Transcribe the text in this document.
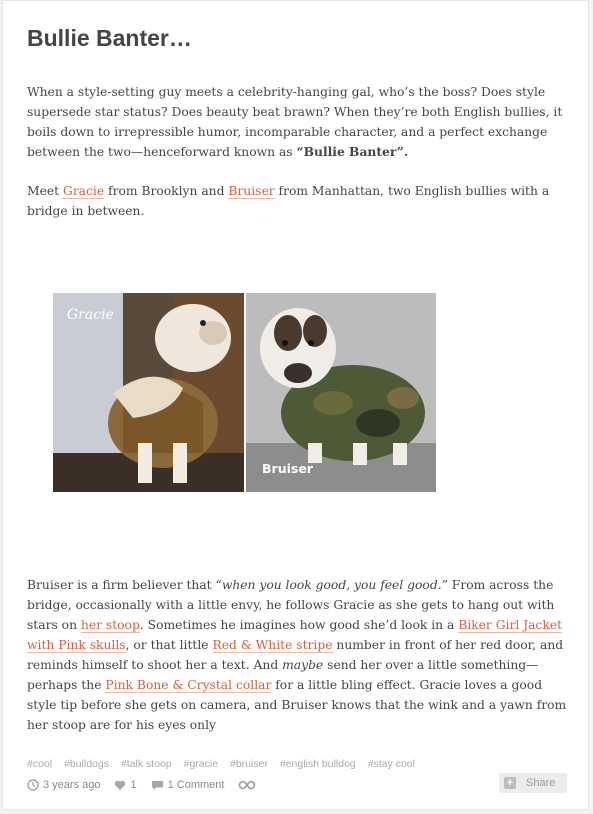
Bullie Banter…

When a style-setting guy meets a celebrity-hanging gal, who’s the boss? Does style supersede star status? Does beauty beat brawn? When they’re both English bullies, it boils down to irrepressible humor, incomparable character, and a perfect exchange between the two—henceforward known as “Bullie Banter”.

Meet Gracie from Brooklyn and Bruiser from Manhattan, two English bullies with a bridge in between.

Gracie
Bruiser

Bruiser is a firm believer that “when you look good, you feel good.” From across the bridge, occasionally with a little envy, he follows Gracie as she gets to hang out with stars on her stoop. Sometimes he imagines how good she’d look in a Biker Girl Jacket with Pink skulls, or that little Red & White stripe number in front of her red door, and reminds himself to shoot her a text. And maybe send her over a little something—perhaps the Pink Bone & Crystal collar for a little bling effect. Gracie loves a good style tip before she gets on camera, and Bruiser knows that the wink and a yawn from her stoop are for his eyes only

#cool #bulldogs #talk stoop #gracie #bruiser #english bulldog #stay cool
3 years ago	1	1 Comment	+ Share
